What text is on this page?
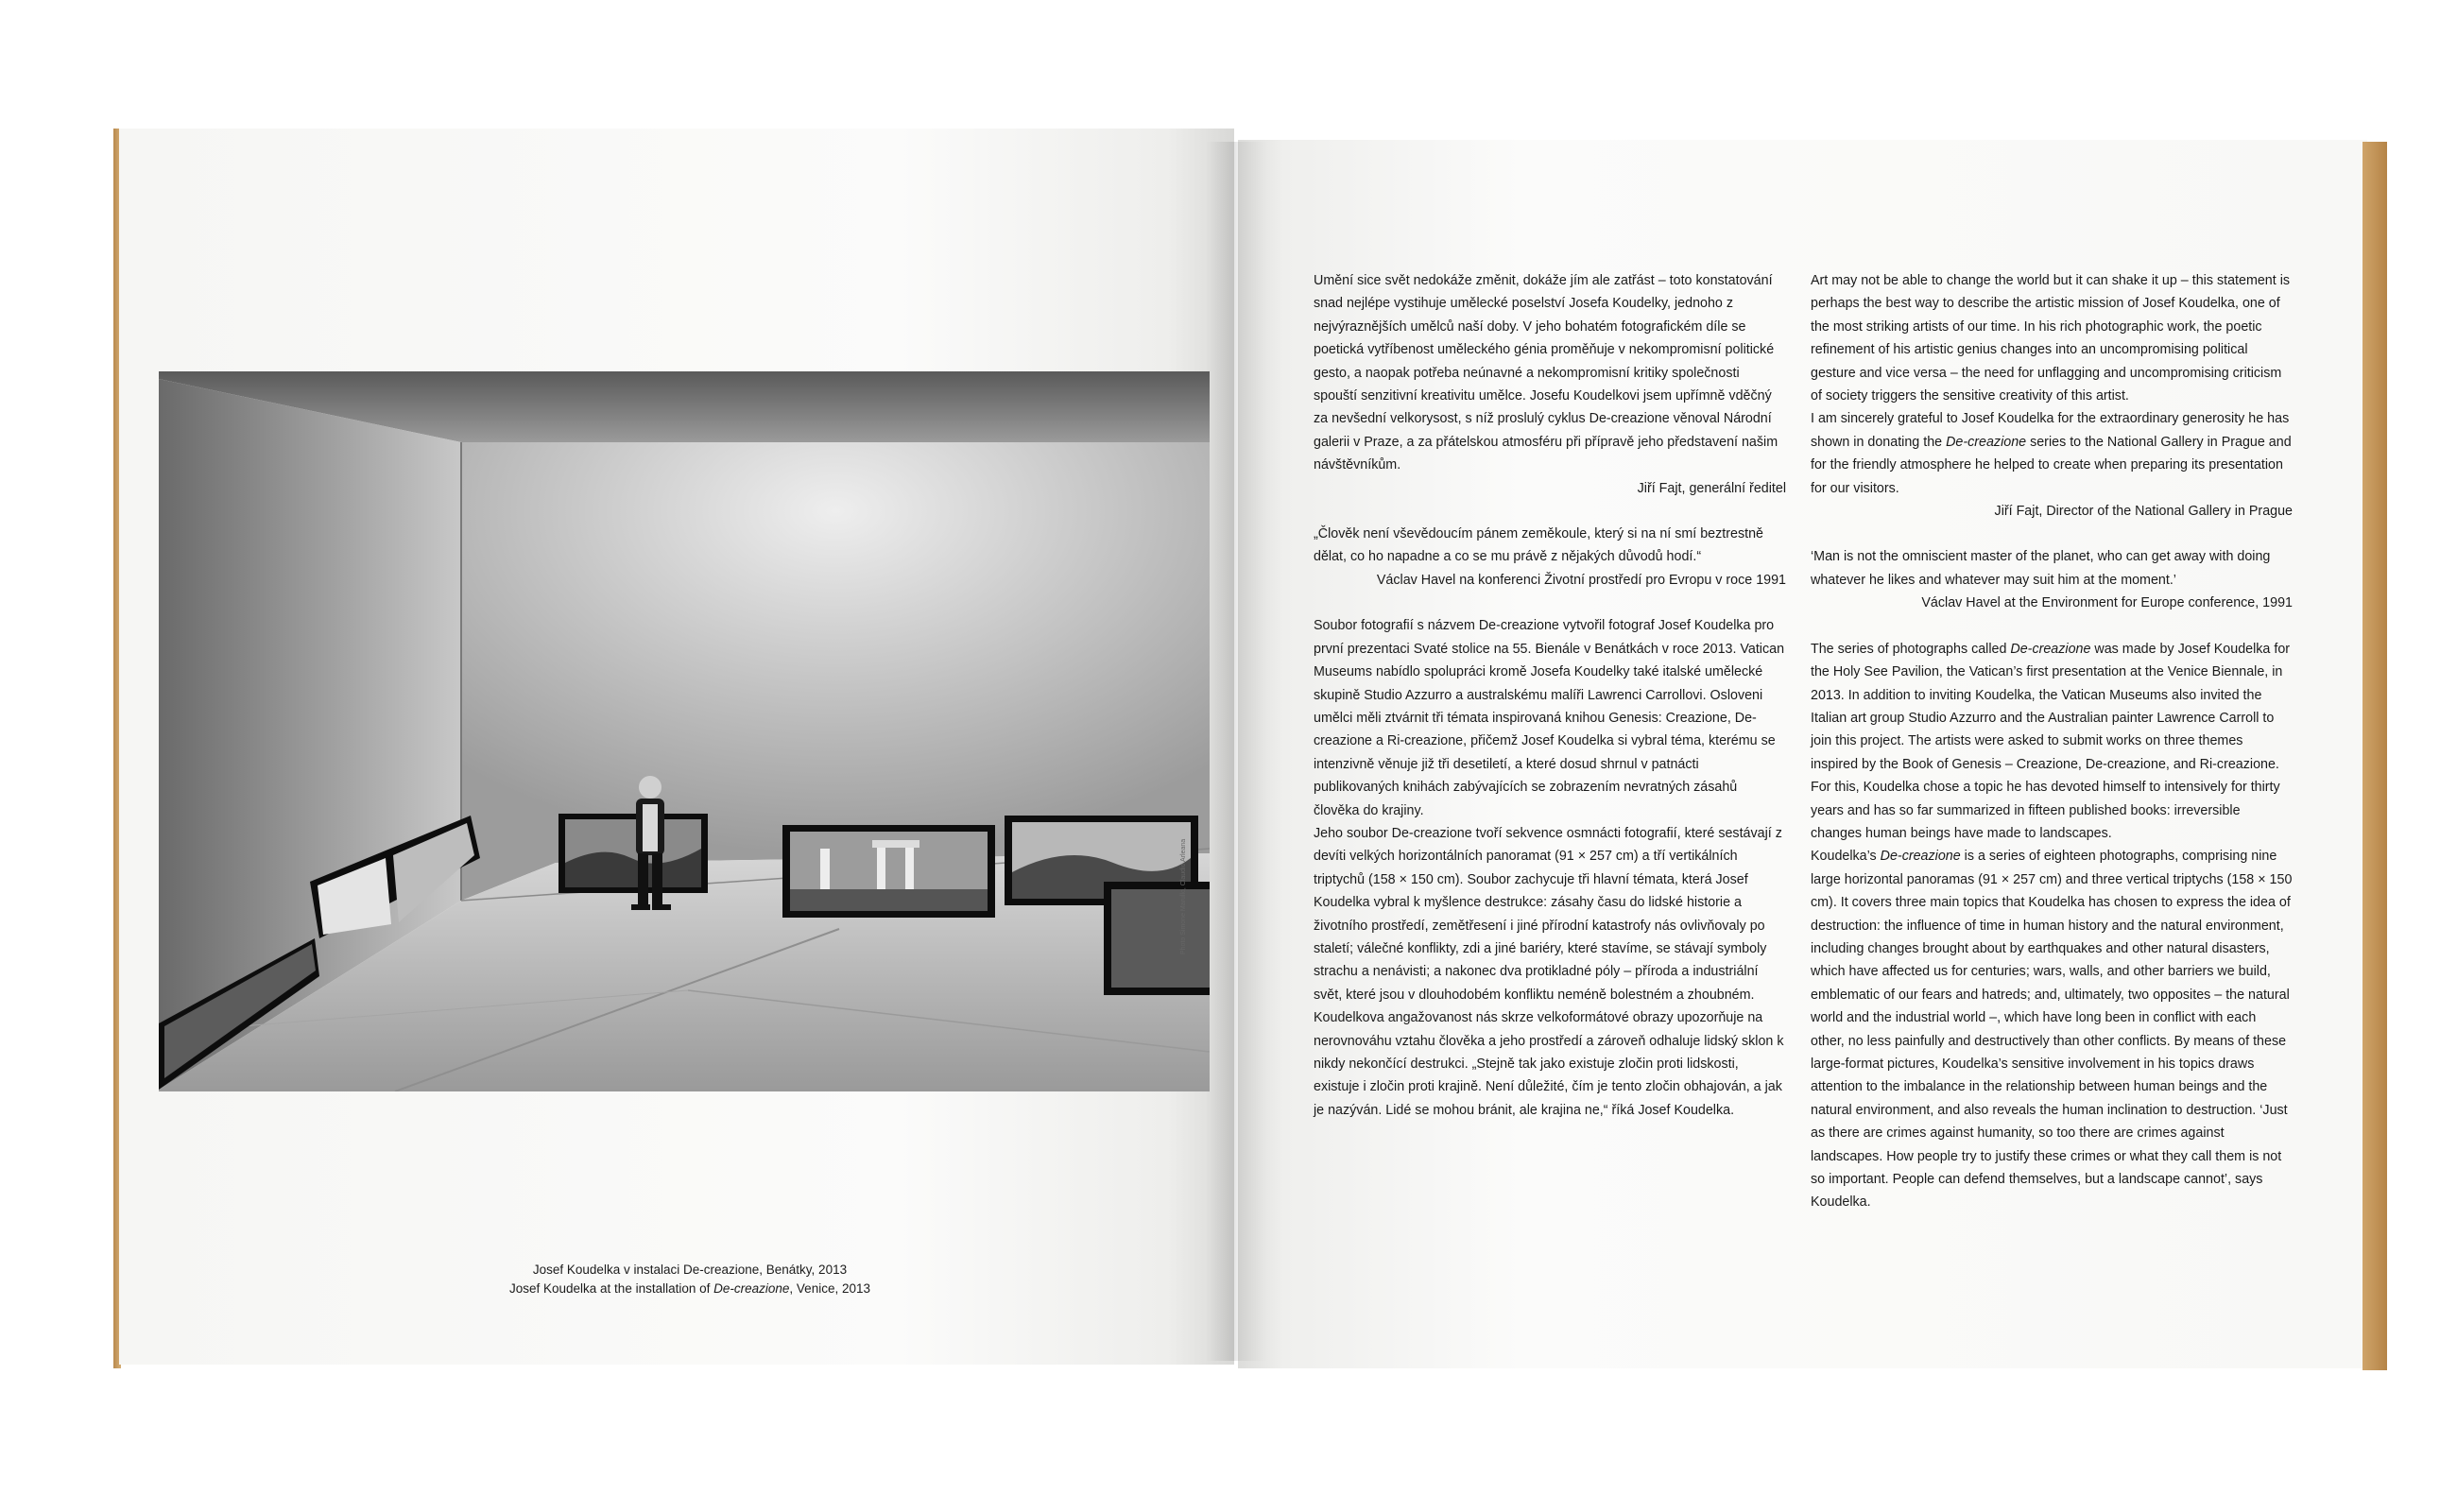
Photo Simone Marullo, Claudio Arleana
Josef Koudelka v instalaci De-creazione, Benátky, 2013
Josef Koudelka at the installation of De-creazione, Venice, 2013

Umění sice svět nedokáže změnit, dokáže jím ale zatřást – toto konstatování snad nejlépe vystihuje umělecké poselství Josefa Koudelky, jednoho z nejvýraznějších umělců naší doby. V jeho bohatém fotografickém díle se poetická vytříbenost uměleckého génia proměňuje v nekompromisní politické gesto, a naopak potřeba neúnavné a nekompromisní kritiky společnosti spouští senzitivní kreativitu umělce. Josefu Koudelkovi jsem upřímně vděčný za nevšední velkorysost, s níž proslulý cyklus De-creazione věnoval Národní galerii v Praze, a za přátelskou atmosféru při přípravě jeho představení našim návštěvníkům.

Jiří Fajt, generální ředitel

„Člověk není vševědoucím pánem zeměkoule, který si na ní smí beztrestně dělat, co ho napadne a co se mu právě z nějakých důvodů hodí.“

Václav Havel na konferenci Životní prostředí pro Evropu v roce 1991

Soubor fotografií s názvem De-creazione vytvořil fotograf Josef Koudelka pro první prezentaci Svaté stolice na 55. Bienále v Benátkách v roce 2013. Vatican Museums nabídlo spolupráci kromě Josefa Koudelky také italské umělecké skupině Studio Azzurro a australskému malíři Lawrenci Carrollovi. Osloveni umělci měli ztvárnit tři témata inspirovaná knihou Genesis: Creazione, De-creazione a Ri-creazione, přičemž Josef Koudelka si vybral téma, kterému se intenzivně věnuje již tři desetiletí, a které dosud shrnul v patnácti publikovaných knihách zabývajících se zobrazením nevratných zásahů člověka do krajiny.

Jeho soubor De-creazione tvoří sekvence osmnácti fotografií, které sestávají z devíti velkých horizontálních panoramat (91 × 257 cm) a tří vertikálních triptychů (158 × 150 cm). Soubor zachycuje tři hlavní témata, která Josef Koudelka vybral k myšlence destrukce: zásahy času do lidské historie a životního prostředí, zemětřesení i jiné přírodní katastrofy nás ovlivňovaly po staletí; válečné konflikty, zdi a jiné bariéry, které stavíme, se stávají symboly strachu a nenávisti; a nakonec dva protikladné póly – příroda a industriální svět, které jsou v dlouhodobém konfliktu neméně bolestném a zhoubném. Koudelkova angažovanost nás skrze velkoformátové obrazy upozorňuje na nerovnováhu vztahu člověka a jeho prostředí a zároveň odhaluje lidský sklon k nikdy nekončící destrukci. „Stejně tak jako existuje zločin proti lidskosti, existuje i zločin proti krajině. Není důležité, čím je tento zločin obhajován, a jak je nazýván. Lidé se mohou bránit, ale krajina ne,“ říká Josef Koudelka.

Art may not be able to change the world but it can shake it up – this statement is perhaps the best way to describe the artistic mission of Josef Koudelka, one of the most striking artists of our time. In his rich photographic work, the poetic refinement of his artistic genius changes into an uncompromising political gesture and vice versa – the need for unflagging and uncompromising criticism of society triggers the sensitive creativity of this artist.

I am sincerely grateful to Josef Koudelka for the extraordinary generosity he has shown in donating the De-creazione series to the National Gallery in Prague and for the friendly atmosphere he helped to create when preparing its presentation for our visitors.

Jiří Fajt, Director of the National Gallery in Prague

‘Man is not the omniscient master of the planet, who can get away with doing whatever he likes and whatever may suit him at the moment.’

Václav Havel at the Environment for Europe conference, 1991

The series of photographs called De-creazione was made by Josef Koudelka for the Holy See Pavilion, the Vatican’s first presentation at the Venice Biennale, in 2013. In addition to inviting Koudelka, the Vatican Museums also invited the Italian art group Studio Azzurro and the Australian painter Lawrence Carroll to join this project. The artists were asked to submit works on three themes inspired by the Book of Genesis – Creazione, De-creazione, and Ri-creazione. For this, Koudelka chose a topic he has devoted himself to intensively for thirty years and has so far summarized in fifteen published books: irreversible changes human beings have made to landscapes.

Koudelka’s De-creazione is a series of eighteen photographs, comprising nine large horizontal panoramas (91 × 257 cm) and three vertical triptychs (158 × 150 cm). It covers three main topics that Koudelka has chosen to express the idea of destruction: the influence of time in human history and the natural environment, including changes brought about by earthquakes and other natural disasters, which have affected us for centuries; wars, walls, and other barriers we build, emblematic of our fears and hatreds; and, ultimately, two opposites – the natural world and the industrial world –, which have long been in conflict with each other, no less painfully and destructively than other conflicts. By means of these large-format pictures, Koudelka’s sensitive involvement in his topics draws attention to the imbalance in the relationship between human beings and the natural environment, and also reveals the human inclination to destruction. ‘Just as there are crimes against humanity, so too there are crimes against landscapes. How people try to justify these crimes or what they call them is not so important. People can defend themselves, but a landscape cannot’, says Koudelka.
